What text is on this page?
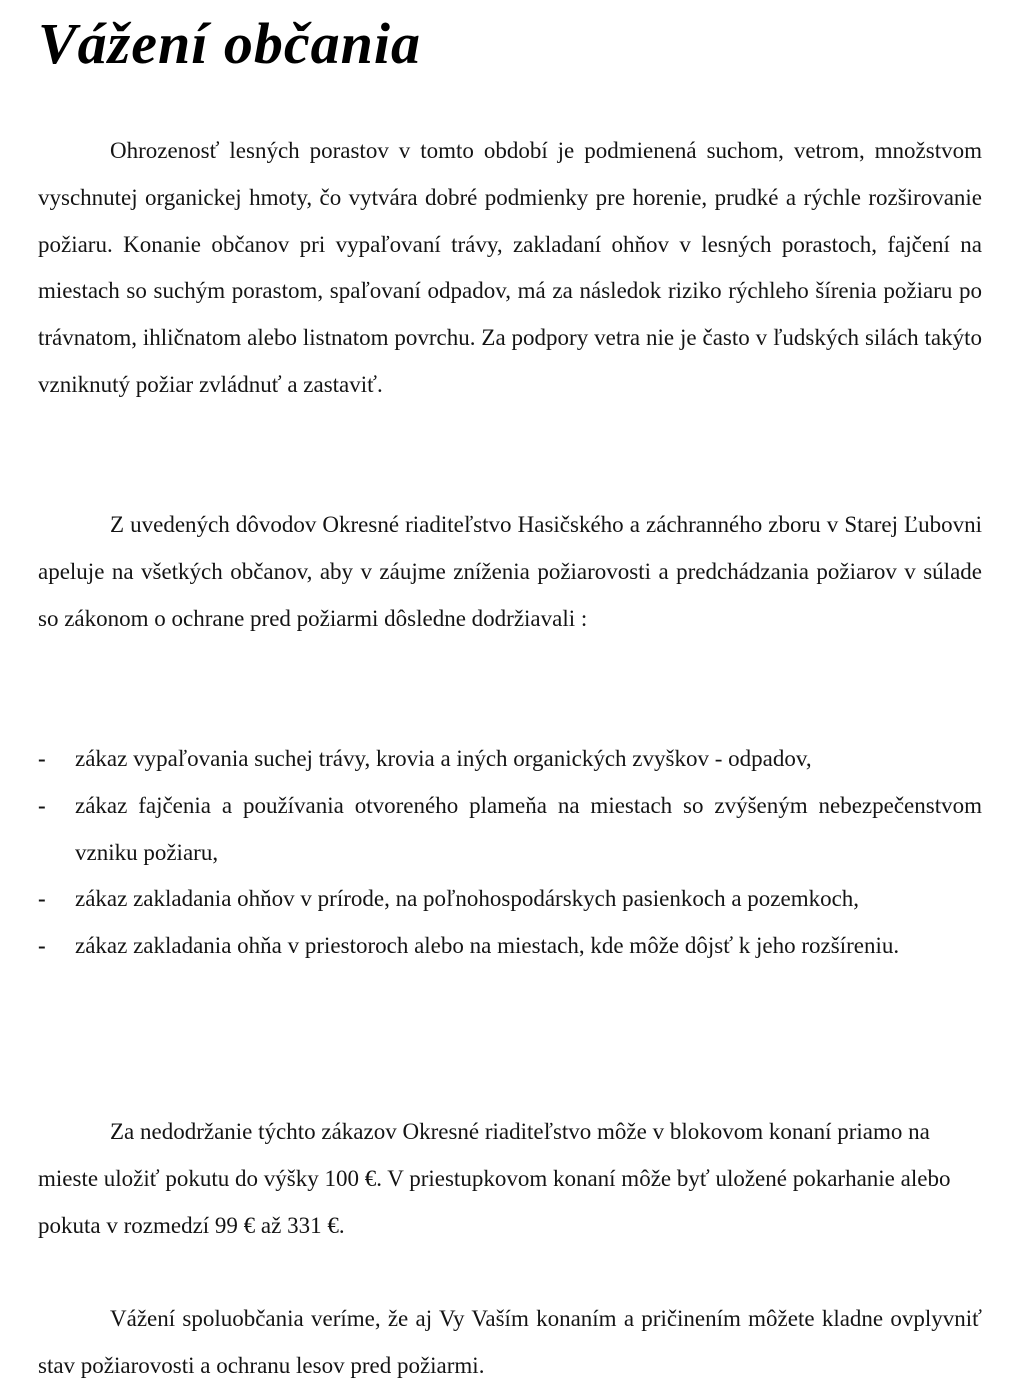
Vážení občania

Ohrozenosť lesných porastov v tomto období je podmienená suchom, vetrom, množstvom vyschnutej organickej hmoty, čo vytvára dobré podmienky pre horenie, prudké a rýchle rozširovanie požiaru. Konanie občanov pri vypaľovaní trávy, zakladaní ohňov v lesných porastoch, fajčení na miestach so suchým porastom, spaľovaní odpadov, má za následok riziko rýchleho šírenia požiaru po trávnatom, ihličnatom alebo listnatom povrchu. Za podpory vetra nie je často v ľudských silách takýto vzniknutý požiar zvládnuť a zastaviť.

Z uvedených dôvodov Okresné riaditeľstvo Hasičského a záchranného zboru v Starej Ľubovni apeluje na všetkých občanov, aby v záujme zníženia požiarovosti a predchádzania požiarov v súlade so zákonom o ochrane pred požiarmi dôsledne dodržiavali :

- zákaz vypaľovania suchej trávy, krovia a iných organických zvyškov - odpadov,
- zákaz fajčenia a používania otvoreného plameňa na miestach so zvýšeným nebezpečenstvom vzniku požiaru,
- zákaz zakladania ohňov v prírode, na poľnohospodárskych pasienkoch a pozemkoch,
- zákaz zakladania ohňa v priestoroch alebo na miestach, kde môže dôjsť k jeho rozšíreniu.

Za nedodržanie týchto zákazov Okresné riaditeľstvo môže v blokovom konaní priamo na mieste uložiť pokutu do výšky 100 €. V priestupkovom konaní môže byť uložené pokarhanie alebo pokuta v rozmedzí 99 € až 331 €.

Vážení spoluobčania veríme, že aj Vy Vaším konaním a pričinením môžete kladne ovplyvniť stav požiarovosti a ochranu lesov pred požiarmi.
